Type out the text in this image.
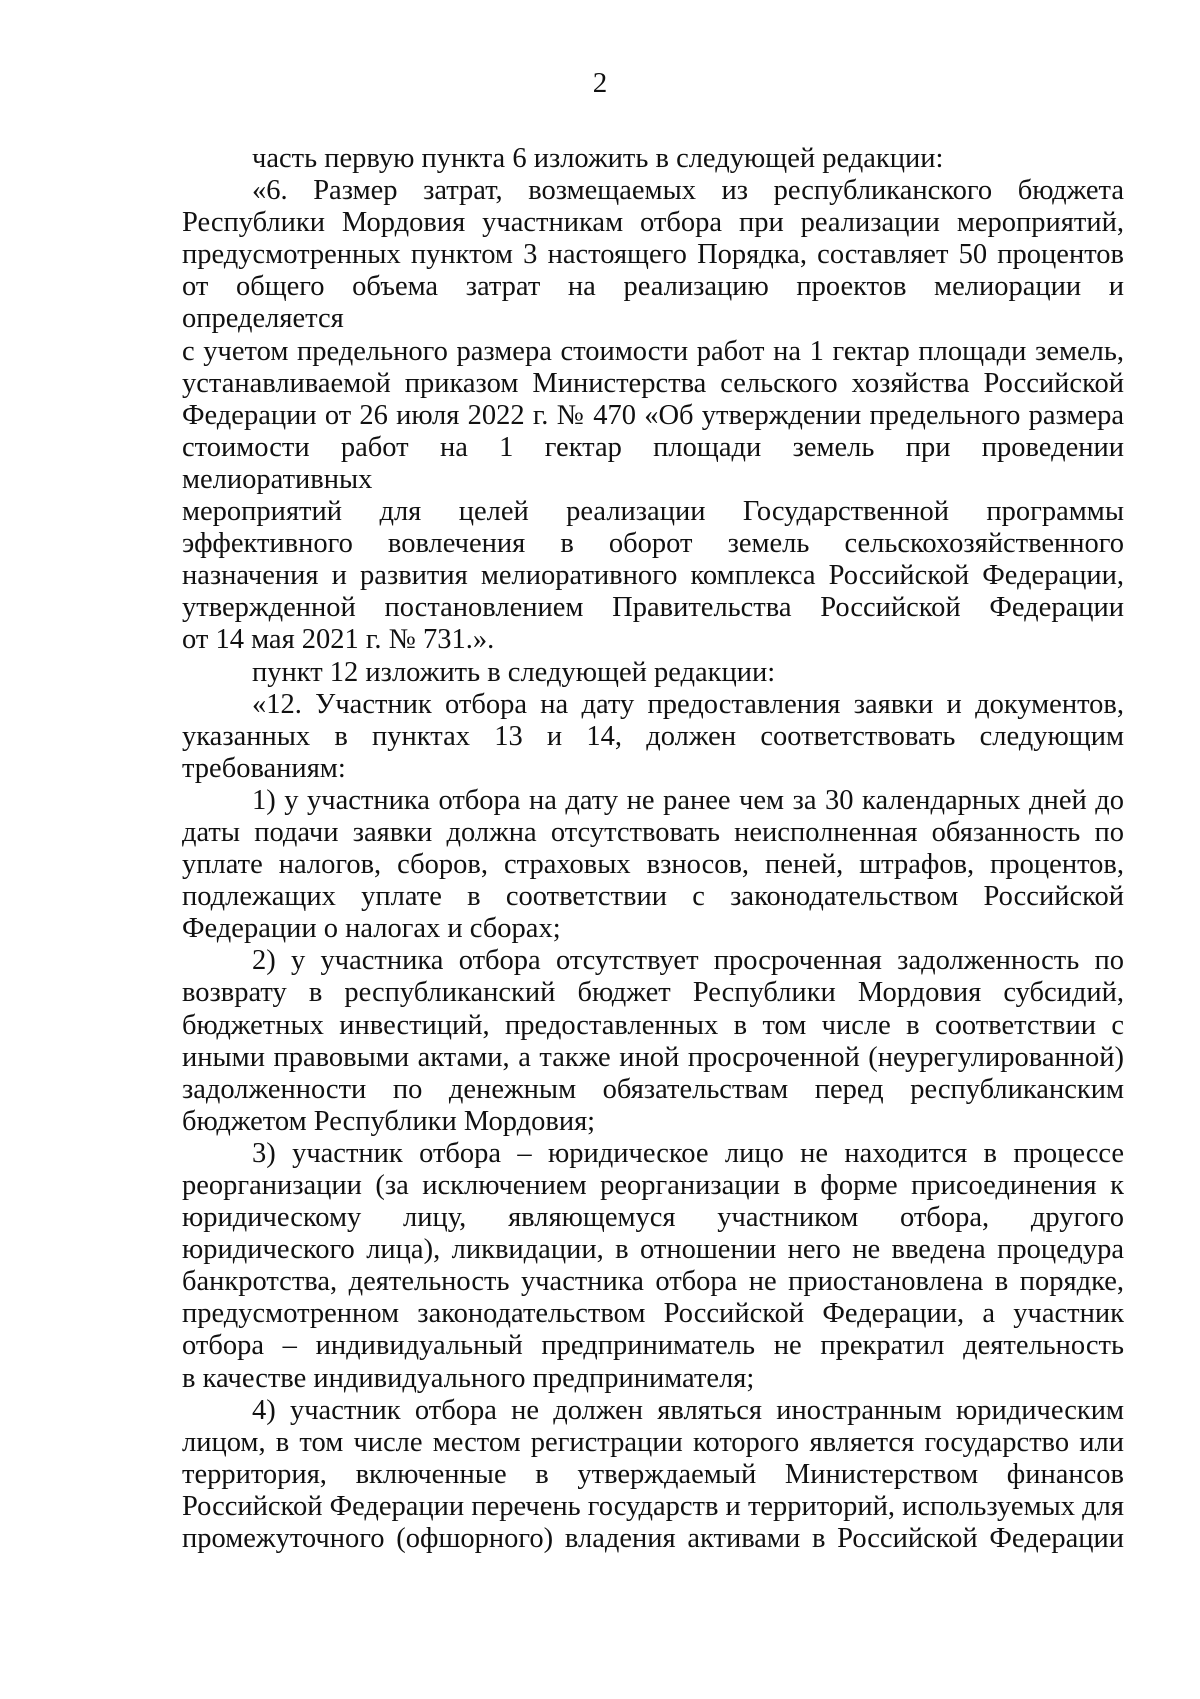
2

часть первую пункта 6 изложить в следующей редакции:

«6. Размер затрат, возмещаемых из республиканского бюджета
Республики Мордовия участникам отбора при реализации мероприятий,
предусмотренных пунктом 3 настоящего Порядка, составляет 50 процентов
от общего объема затрат на реализацию проектов мелиорации и определяется
с учетом предельного размера стоимости работ на 1 гектар площади земель,
устанавливаемой приказом Министерства сельского хозяйства Российской
Федерации от 26 июля 2022 г. № 470 «Об утверждении предельного размера
стоимости работ на 1 гектар площади земель при проведении мелиоративных
мероприятий для целей реализации Государственной программы
эффективного вовлечения в оборот земель сельскохозяйственного
назначения и развития мелиоративного комплекса Российской Федерации,
утвержденной постановлением Правительства Российской Федерации
от 14 мая 2021 г. № 731.».

пункт 12 изложить в следующей редакции:

«12. Участник отбора на дату предоставления заявки и документов,
указанных в пунктах 13 и 14, должен соответствовать следующим
требованиям:

1) у участника отбора на дату не ранее чем за 30 календарных дней до
даты подачи заявки должна отсутствовать неисполненная обязанность по
уплате налогов, сборов, страховых взносов, пеней, штрафов, процентов,
подлежащих уплате в соответствии с законодательством Российской
Федерации о налогах и сборах;

2) у участника отбора отсутствует просроченная задолженность по
возврату в республиканский бюджет Республики Мордовия субсидий,
бюджетных инвестиций, предоставленных в том числе в соответствии с
иными правовыми актами, а также иной просроченной (неурегулированной)
задолженности по денежным обязательствам перед республиканским
бюджетом Республики Мордовия;

3) участник отбора – юридическое лицо не находится в процессе
реорганизации (за исключением реорганизации в форме присоединения к
юридическому лицу, являющемуся участником отбора, другого
юридического лица), ликвидации, в отношении него не введена процедура
банкротства, деятельность участника отбора не приостановлена в порядке,
предусмотренном законодательством Российской Федерации, а участник
отбора – индивидуальный предприниматель не прекратил деятельность
в качестве индивидуального предпринимателя;

4) участник отбора не должен являться иностранным юридическим
лицом, в том числе местом регистрации которого является государство или
территория, включенные в утверждаемый Министерством финансов
Российской Федерации перечень государств и территорий, используемых для
промежуточного (офшорного) владения активами в Российской Федерации
